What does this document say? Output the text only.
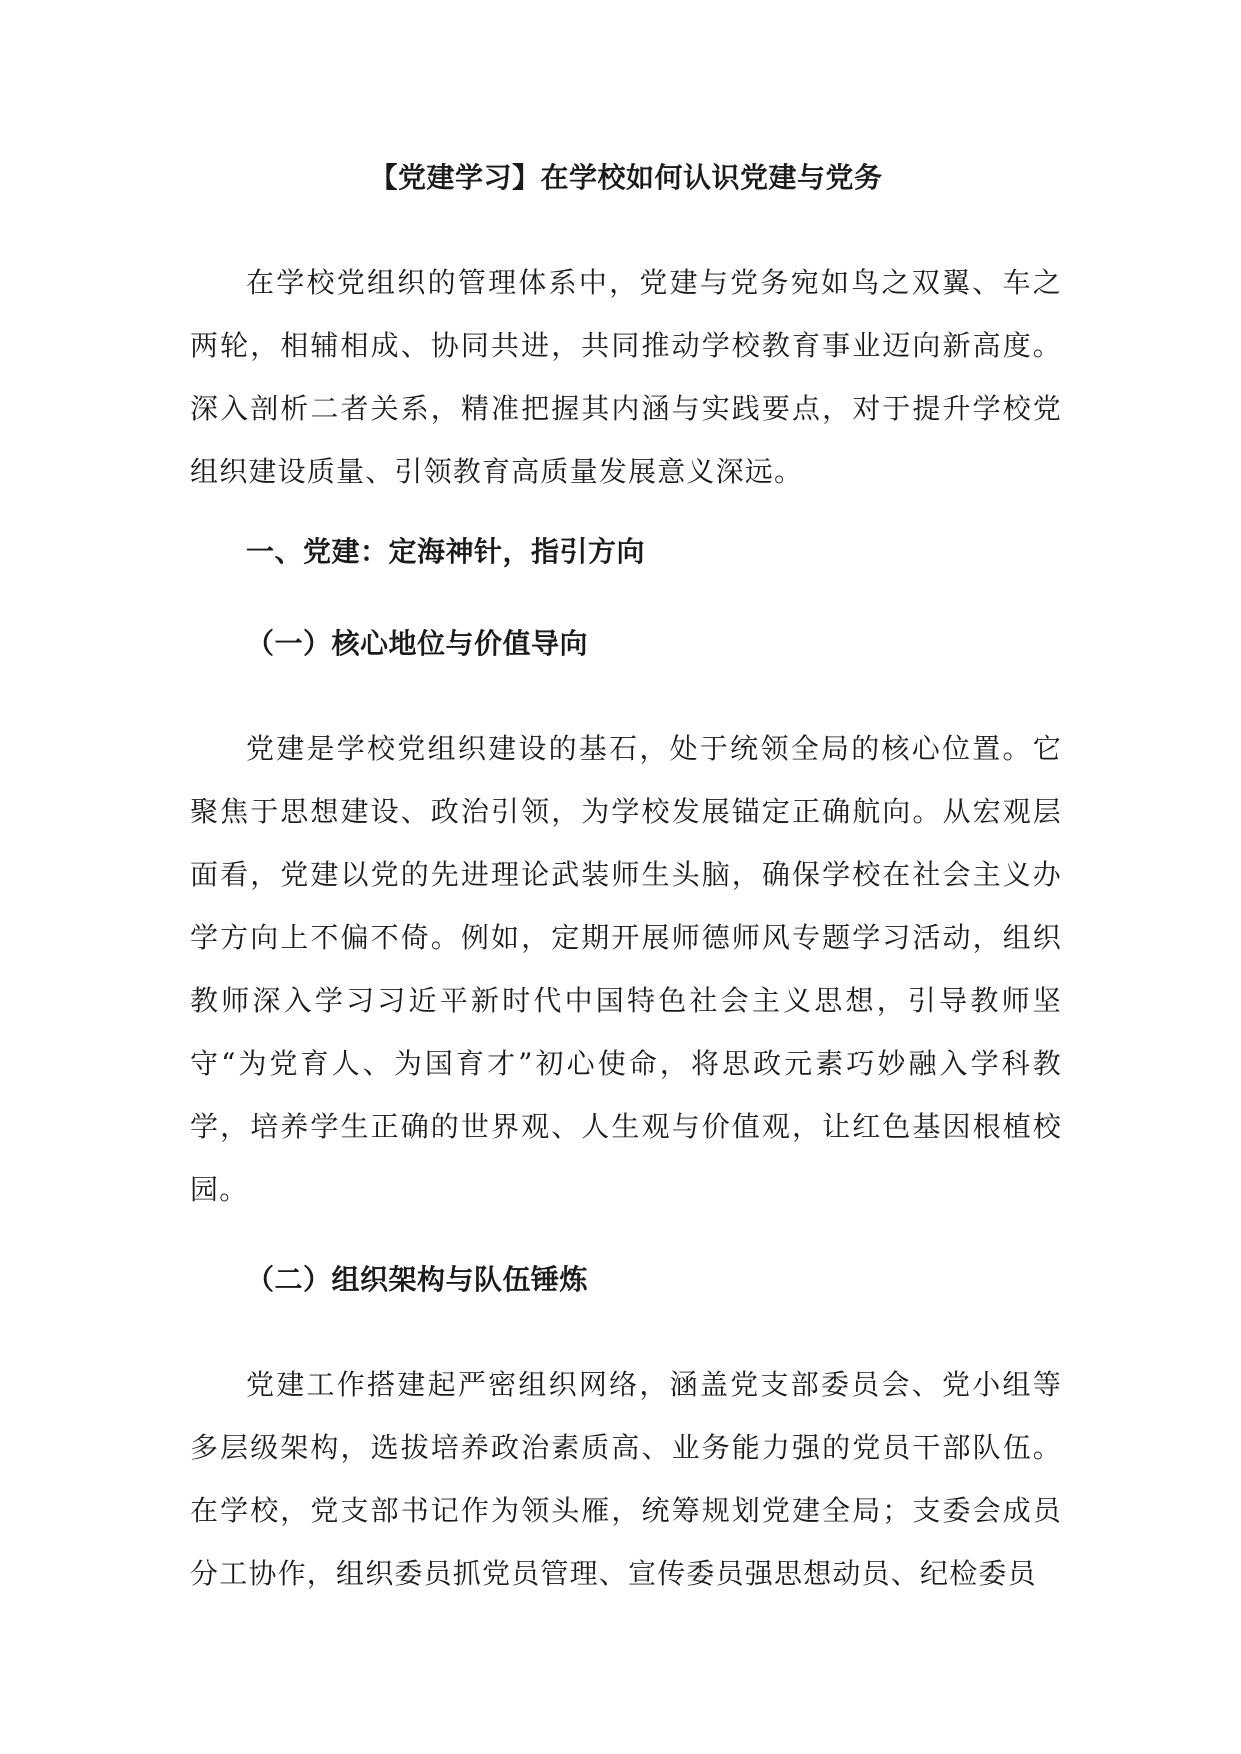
【党建学习】在学校如何认识党建与党务

在学校党组织的管理体系中，党建与党务宛如鸟之双翼、车之两轮，相辅相成、协同共进，共同推动学校教育事业迈向新高度。深入剖析二者关系，精准把握其内涵与实践要点，对于提升学校党组织建设质量、引领教育高质量发展意义深远。

一、党建：定海神针，指引方向
（一）核心地位与价值导向

党建是学校党组织建设的基石，处于统领全局的核心位置。它聚焦于思想建设、政治引领，为学校发展锚定正确航向。从宏观层面看，党建以党的先进理论武装师生头脑，确保学校在社会主义办学方向上不偏不倚。例如，定期开展师德师风专题学习活动，组织教师深入学习习近平新时代中国特色社会主义思想，引导教师坚守“为党育人、为国育才”初心使命，将思政元素巧妙融入学科教学，培养学生正确的世界观、人生观与价值观，让红色基因根植校园。

（二）组织架构与队伍锤炼

党建工作搭建起严密组织网络，涵盖党支部委员会、党小组等多层级架构，选拔培养政治素质高、业务能力强的党员干部队伍。在学校，党支部书记作为领头雁，统筹规划党建全局；支委会成员分工协作，组织委员抓党员管理、宣传委员强思想动员、纪检委员
